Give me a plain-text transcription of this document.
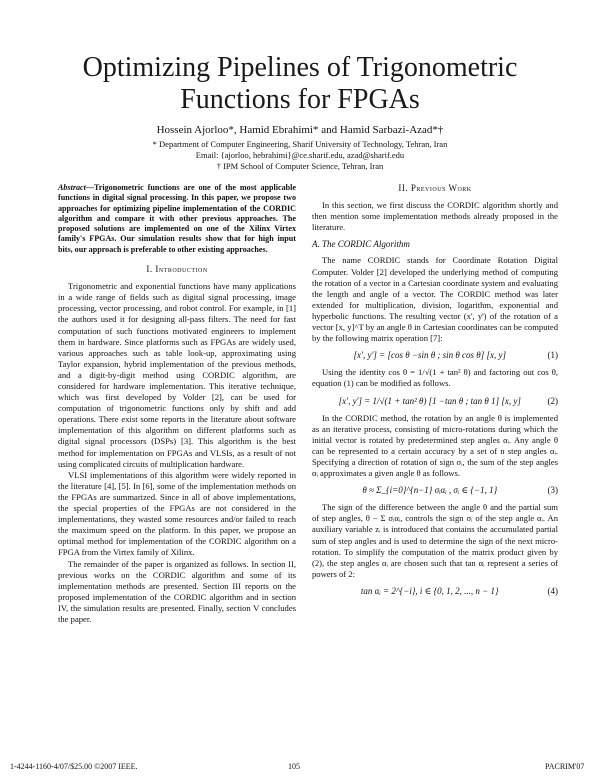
Optimizing Pipelines of Trigonometric Functions for FPGAs
Hossein Ajorloo*, Hamid Ebrahimi* and Hamid Sarbazi-Azad*†
* Department of Computer Engineering, Sharif University of Technology, Tehran, Iran
Email: {ajorloo, hebrahimi}@ce.sharif.edu, azad@sharif.edu
† IPM School of Computer Science, Tehran, Iran
Abstract—Trigonometric functions are one of the most applicable functions in digital signal processing. In this paper, we propose two approaches for optimizing pipeline implementation of the CORDIC algorithm and compare it with other previous approaches. The proposed solutions are implemented on one of the Xilinx Virtex family's FPGAs. Our simulation results show that for high input bits, our approach is preferable to other existing approaches.
I. Introduction

Trigonometric and exponential functions have many applications in a wide range of fields such as digital signal processing, image processing, vector processing, and robot control. For example, in [1] the authors used it for designing all-pass filters. The need for fast computation of such functions motivated engineers to implement them in hardware. Since platforms such as FPGAs are widely used, various approaches such as table look-up, approximating using Taylor expansion, hybrid implementation of the previous methods, and a digit-by-digit method using CORDIC algorithm, are considered for hardware implementation. This iterative technique, which was first developed by Volder [2], can be used for computation of trigonometric functions only by shift and add operations. There exist some reports in the literature about software implementation of this algorithm on different platforms such as digital signal processors (DSPs) [3]. This algorithm is the best method for implementation on FPGAs and VLSIs, as a result of not using complicated circuits of multiplication hardware.

VLSI implementations of this algorithm were widely reported in the literature [4], [5]. In [6], some of the implementation methods on the FPGAs are summarized. Since in all of above implementations, the special properties of the FPGAs are not considered in the implementations, they wasted some resources and/or failed to reach the maximum speed on the platform. In this paper, we propose an optimal method for implementation of the CORDIC algorithm on a FPGA from the Virtex family of Xilinx.

The remainder of the paper is organized as follows. In section II, previous works on the CORDIC algorithm and some of its implementation methods are presented. Section III reports on the proposed implementation of the CORDIC algorithm and in section IV, the simulation results are presented. Finally, section V concludes the paper.

II. Previous Work

In this section, we first discuss the CORDIC algorithm shortly and then mention some implementation methods already proposed in the literature.

A. The CORDIC Algorithm

The name CORDIC stands for Coordinate Rotation Digital Computer. Volder [2] developed the underlying method of computing the rotation of a vector in a Cartesian coordinate system and evaluating the length and angle of a vector. The CORDIC method was later extended for multiplication, division, logarithm, exponential and hyperbolic functions. The resulting vector (x', y') of the rotation of a vector [x, y]^T by an angle θ in Cartesian coordinates can be computed by the following matrix operation [7]:

[x', y'] = [cos θ −sin θ ; sin θ cos θ] [x, y]	(1)

Using the identity cos θ = 1/√(1 + tan² θ) and factoring out cos θ, equation (1) can be modified as follows.

[x', y'] = 1/√(1 + tan² θ) [1 −tan θ ; tan θ 1] [x, y]	(2)

In the CORDIC method, the rotation by an angle θ is implemented as an iterative process, consisting of micro-rotations during which the initial vector is rotated by predetermined step angles αᵢ. Any angle θ can be represented to a certain accuracy by a set of n step angles αᵢ. Specifying a direction of rotation of sign σᵢ, the sum of the step angles αᵢ approximates a given angle θ as follows.

θ ≈ Σ_{i=0}^{n−1} σᵢαᵢ , σᵢ ∈ {−1, 1}	(3)

The sign of the difference between the angle θ and the partial sum of step angles, θ − Σ σᵢαᵢ, controls the sign σᵢ of the step angle αᵢ. An auxiliary variable zᵢ is introduced that contains the accumulated partial sum of step angles and is used to determine the sign of the next micro-rotation. To simplify the computation of the matrix product given by (2), the step angles αᵢ are chosen such that tan αᵢ represent a series of powers of 2:

tan αᵢ = 2^{−i}, i ∈ {0, 1, 2, ..., n − 1}	(4)
1-4244-1160-4/07/$25.00 ©2007 IEEE.	105	PACRIM'07
